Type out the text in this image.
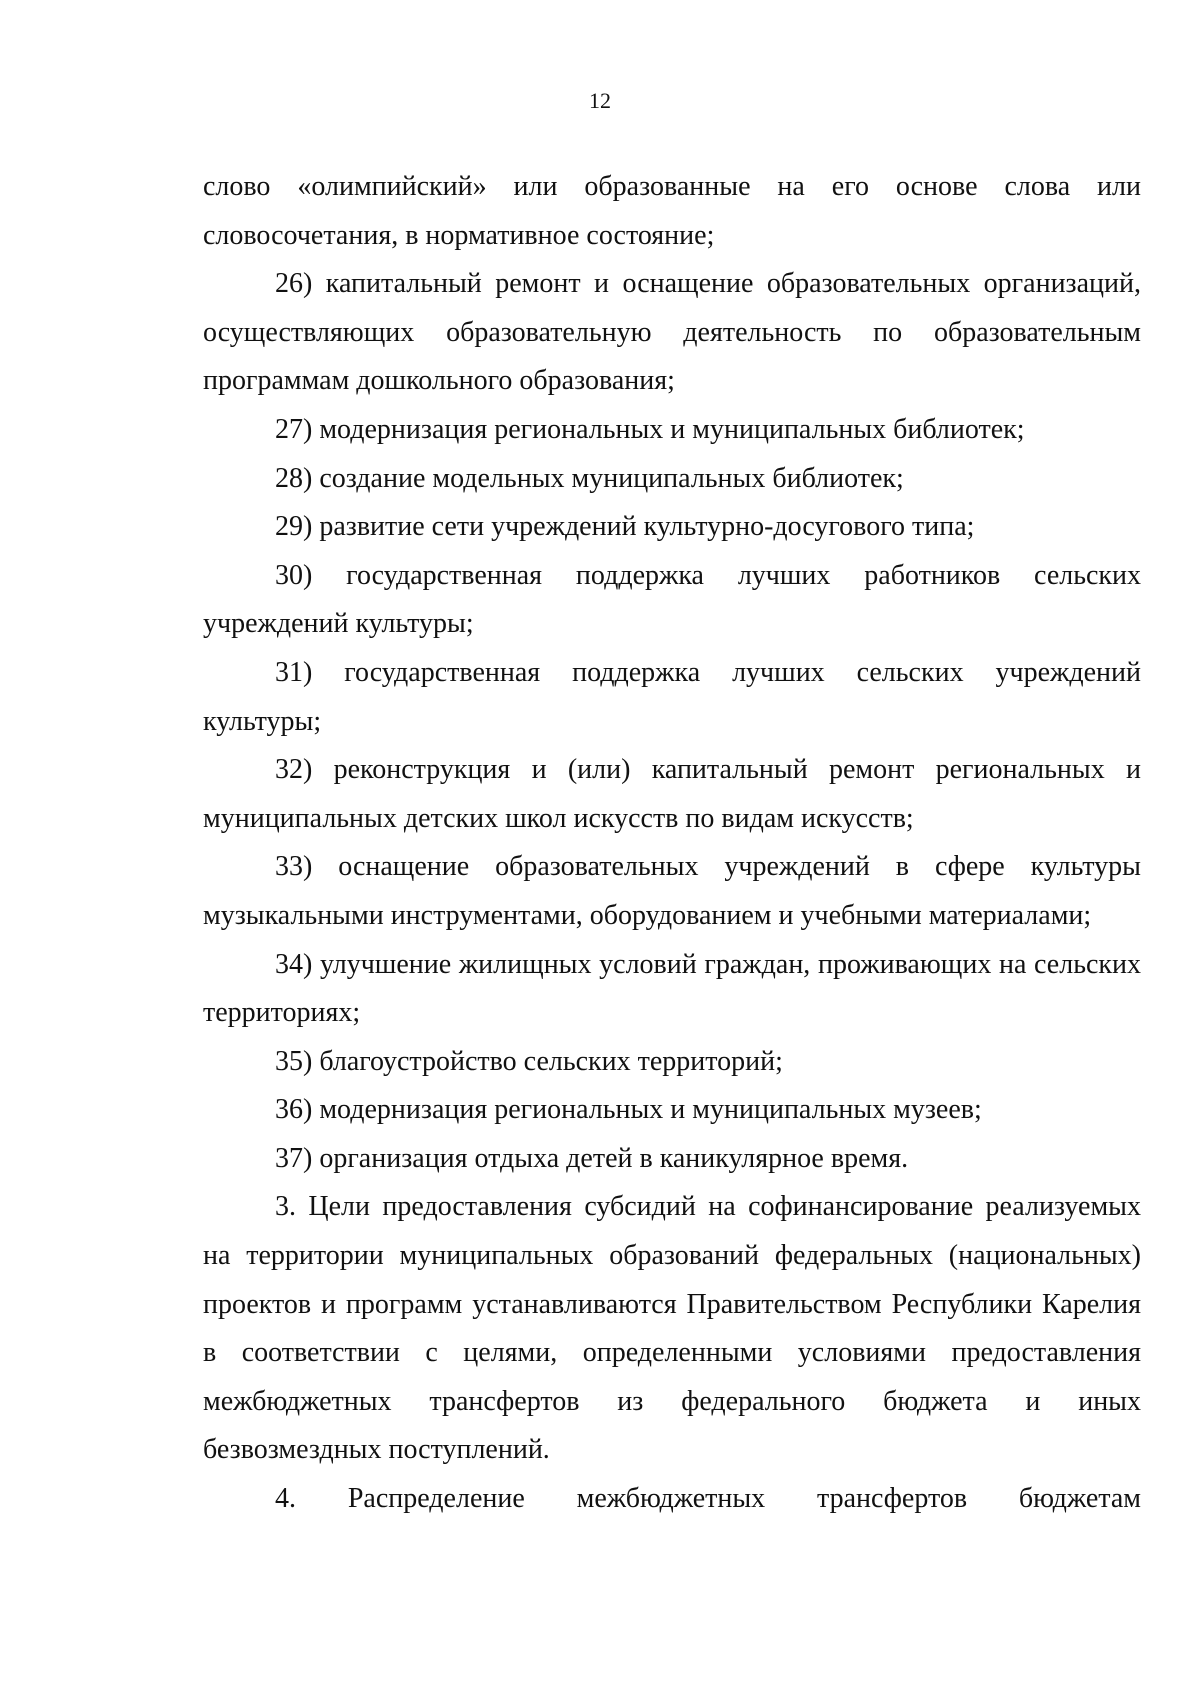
12

слово «олимпийский» или образованные на его основе слова или словосочетания, в нормативное состояние;

26) капитальный ремонт и оснащение образовательных организаций, осуществляющих образовательную деятельность по образовательным программам дошкольного образования;

27) модернизация региональных и муниципальных библиотек;

28) создание модельных муниципальных библиотек;

29) развитие сети учреждений культурно-досугового типа;

30) государственная поддержка лучших работников сельских учреждений культуры;

31) государственная поддержка лучших сельских учреждений культуры;

32) реконструкция и (или) капитальный ремонт региональных и муниципальных детских школ искусств по видам искусств;

33) оснащение образовательных учреждений в сфере культуры музыкальными инструментами, оборудованием и учебными материалами;

34) улучшение жилищных условий граждан, проживающих на сельских территориях;

35) благоустройство сельских территорий;

36) модернизация региональных и муниципальных музеев;

37) организация отдыха детей в каникулярное время.

3. Цели предоставления субсидий на софинансирование реализуемых на территории муниципальных образований федеральных (национальных) проектов и программ устанавливаются Правительством Республики Карелия в соответствии с целями, определенными условиями предоставления межбюджетных трансфертов из федерального бюджета и иных безвозмездных поступлений.

4. Распределение межбюджетных трансфертов бюджетам
